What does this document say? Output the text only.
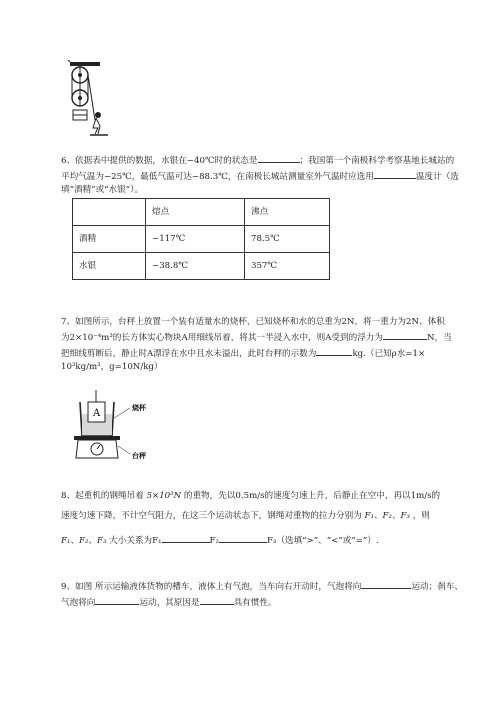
6、依据表中提供的数据，水银在−40℃时的状态是	；我国第一个南极科学考察基地长城站的
平均气温为−25℃，最低气温可达−88.3℃，在南极长城站测量室外气温时应选用	温度计（选
填“酒精”或“水银”）。
	熔点	沸点
酒精	−117℃	78.5℃
水银	−38.8℃	357℃
7、如图所示，台秤上放置一个装有适量水的烧杯，已知烧杯和水的总重为2N，将一重力为2N、体积
为2×10⁻⁴m³的长方体实心物块A用细线吊着，将其一半浸入水中，则A受到的浮力为	N，当
把细线剪断后，静止时A漂浮在水中且水未溢出，此时台秤的示数为	kg.（已知ρ水=1×
10³kg/m³，g=10N/kg）
A	烧杯
台秤
8、起重机的钢绳吊着 5×10³N 的重物，先以0.5m/s的速度匀速上升，后静止在空中，再以1m/s的
速度匀速下降，不计空气阻力，在这三个运动状态下，钢绳对重物的拉力分别为 F₁、F₂、F₃ ，则
F₁、F₂、F₃ 大小关系为F₁	F₂	F₃（选填“>”、“<”或“=”）.
9、如图 所示运输液体货物的槽车，液体上有气泡，当车向右开动时，气泡将向	运动；刹车、
气泡将向	运动，其原因是	具有惯性。
